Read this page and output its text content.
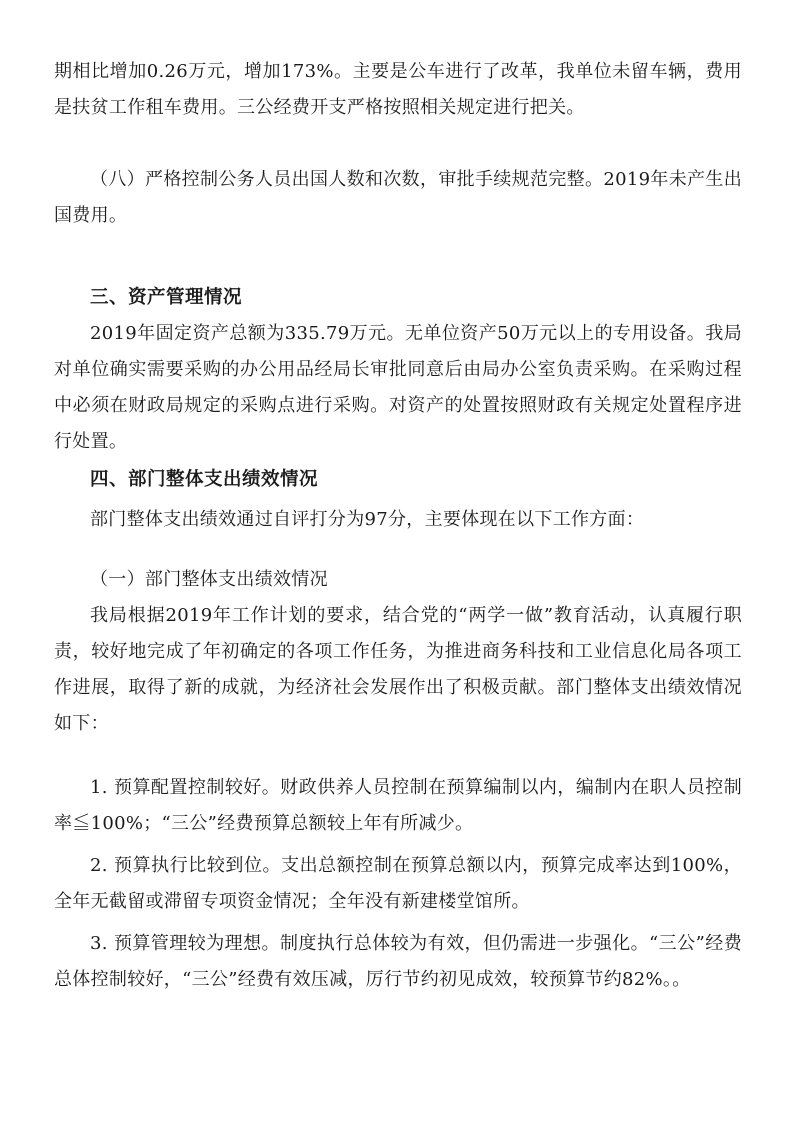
期相比增加0.26万元，增加173%。主要是公车进行了改革，我单位未留车辆，费用是扶贫工作租车费用。三公经费开支严格按照相关规定进行把关。

（八）严格控制公务人员出国人数和次数，审批手续规范完整。2019年未产生出国费用。

三、资产管理情况

2019年固定资产总额为335.79万元。无单位资产50万元以上的专用设备。我局对单位确实需要采购的办公用品经局长审批同意后由局办公室负责采购。在采购过程中必须在财政局规定的采购点进行采购。对资产的处置按照财政有关规定处置程序进行处置。

四、部门整体支出绩效情况

部门整体支出绩效通过自评打分为97分，主要体现在以下工作方面：

（一）部门整体支出绩效情况

我局根据2019年工作计划的要求，结合党的“两学一做”教育活动，认真履行职责，较好地完成了年初确定的各项工作任务，为推进商务科技和工业信息化局各项工作进展，取得了新的成就，为经济社会发展作出了积极贡献。部门整体支出绩效情况如下：

1. 预算配置控制较好。财政供养人员控制在预算编制以内，编制内在职人员控制率≦100%；“三公”经费预算总额较上年有所减少。

2. 预算执行比较到位。支出总额控制在预算总额以内，预算完成率达到100%，全年无截留或滞留专项资金情况；全年没有新建楼堂馆所。

3. 预算管理较为理想。制度执行总体较为有效，但仍需进一步强化。“三公”经费总体控制较好，“三公”经费有效压减，厉行节约初见成效，较预算节约82%。。
